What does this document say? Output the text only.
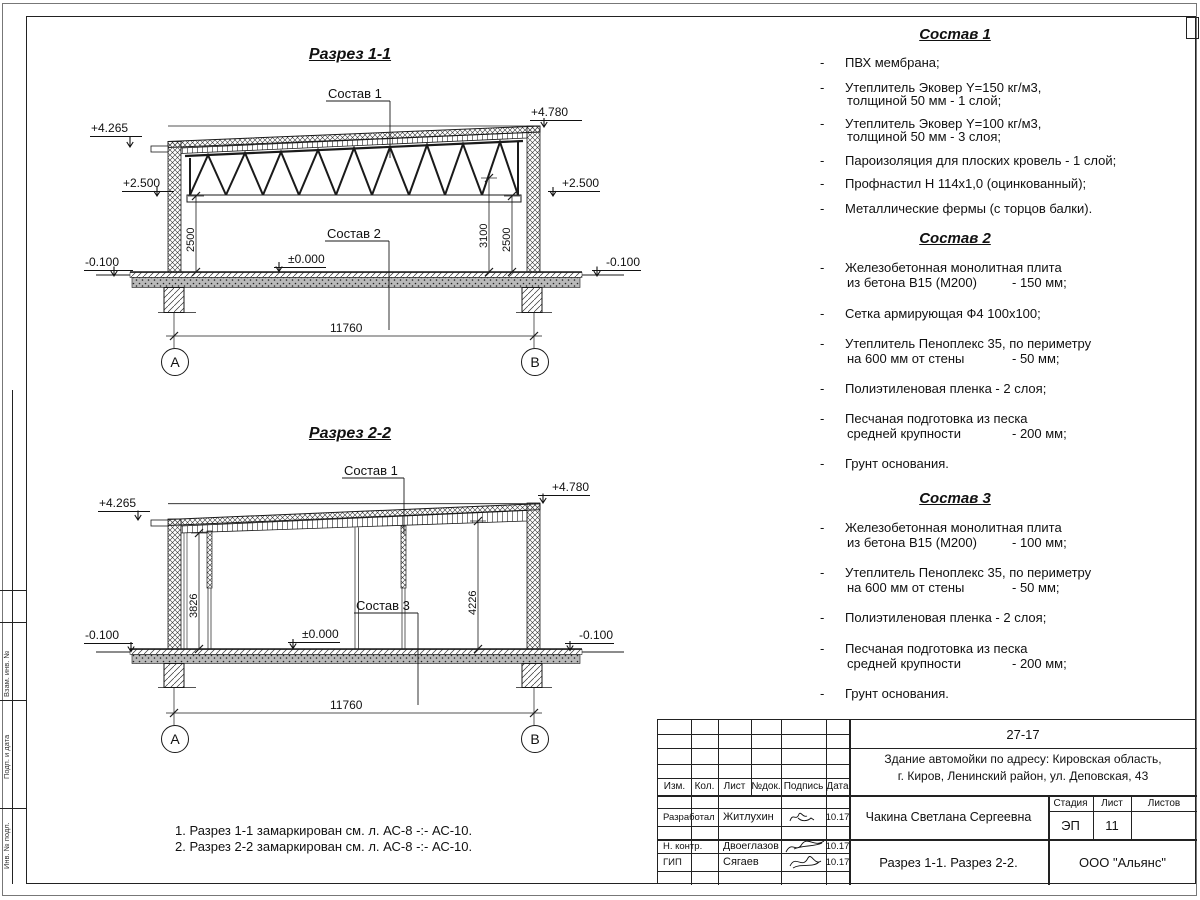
Взам. инв. №
Подп. и дата
Инв. № подл.
Разрез 1-1
Состав 1
Состав 2
+4.265
+4.780
+2.500	+2.500
±0.000
-0.100	-0.100
2500	3100 2500
11760
А	В
Разрез 2-2
Состав 1
Состав 3
+4.265
+4.780
±0.000
-0.100	-0.100
3826	4226
11760
А	В
1. Разрез 1-1 замаркирован см. л. АС-8 -:- АС-10.
2. Разрез 2-2 замаркирован см. л. АС-8 -:- АС-10.
Состав 1
- ПВХ мембрана;
- Утеплитель Эковер Y=150 кг/м3,
толщиной 50 мм - 1 слой;
- Утеплитель Эковер Y=100 кг/м3,
толщиной 50 мм - 3 слоя;
- Пароизоляция для плоских кровель - 1 слой;
- Профнастил Н 114х1,0 (оцинкованный);
- Металлические фермы (с торцов балки).
Состав 2
- Железобетонная монолитная плита
из бетона В15 (М200)	- 150 мм;
- Сетка армирующая Ф4 100х100;
- Утеплитель Пеноплекс 35, по периметру
на 600 мм от стены	- 50 мм;
- Полиэтиленовая пленка - 2 слоя;
- Песчаная подготовка из песка
средней крупности	- 200 мм;
- Грунт основания.
Состав 3
- Железобетонная монолитная плита
из бетона В15 (М200)	- 100 мм;
- Утеплитель Пеноплекс 35, по периметру
на 600 мм от стены	- 50 мм;
- Полиэтиленовая пленка - 2 слоя;
- Песчаная подготовка из песка
средней крупности	- 200 мм;
- Грунт основания.
Изм. Кол. Лист №док. Подпись Дата
Разработал Житлухин	10.17
Н. контр.	Двоеглазов	10.17
ГИП	Сягаев	10.17
27-17
Здание автомойки по адресу: Кировская область,
г. Киров, Ленинский район, ул. Деповская, 43
Чакина Светлана Сергеевна
Стадия	Лист	Листов
ЭП	11
Разрез 1-1. Разрез 2-2.	ООО "Альянс"
